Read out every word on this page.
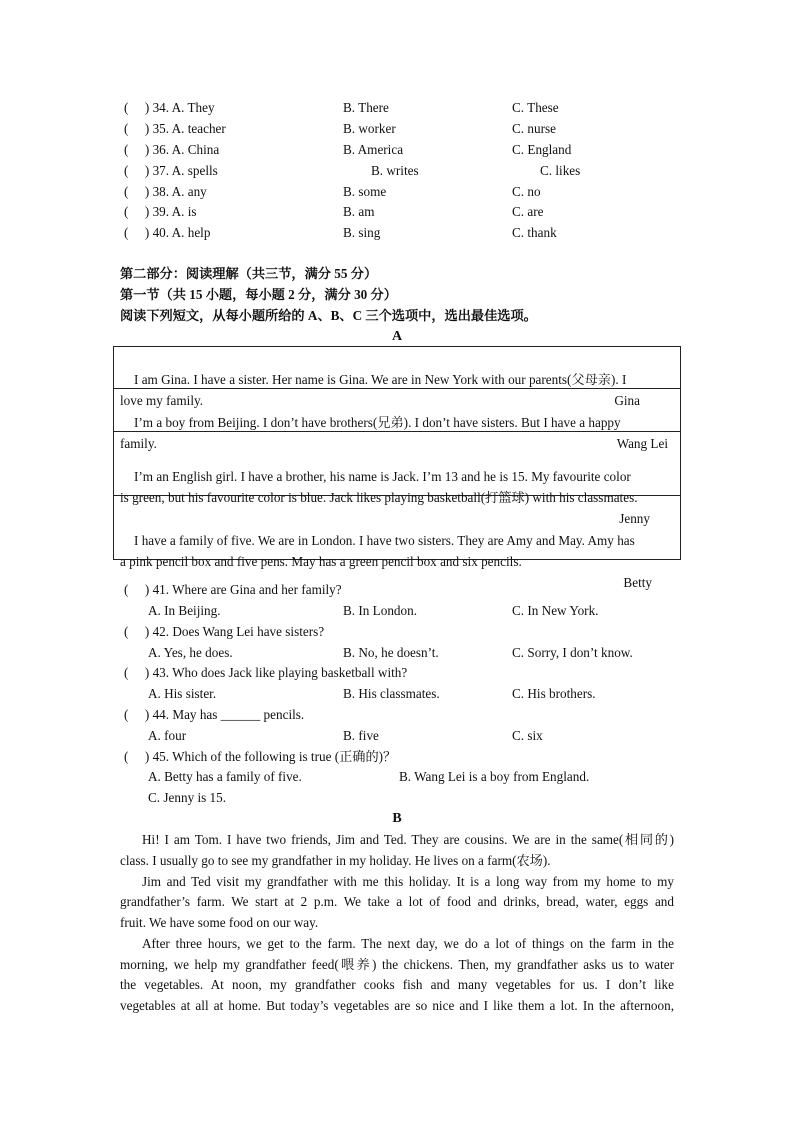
(　 ) 34. A. They	B. There	C. These
(　 ) 35. A. teacher	B. worker	C. nurse
(　 ) 36. A. China	B. America	C. England
(　 ) 37. A. spells	B. writes	C. likes
(　 ) 38. A. any	B. some	C. no
(　 ) 39. A. is	B. am	C. are
(　 ) 40. A. help	B. sing	C. thank
第二部分：阅读理解（共三节，满分 55 分）
第一节（共 15 小题，每小题 2 分，满分 30 分）
阅读下列短文，从每小题所给的 A、B、C 三个选项中，选出最佳选项。
A
I am Gina. I have a sister. Her name is Gina. We are in New York with our parents(父母亲). I
love my family.	Gina

I’m a boy from Beijing. I don’t have brothers(兄弟). I don’t have sisters. But I have a happy
family.	Wang Lei

I’m an English girl. I have a brother, his name is Jack. I’m 13 and he is 15. My favourite color
is green, but his favourite color is blue. Jack likes playing basketball(打篮球) with his classmates.
Jenny

I have a family of five. We are in London. I have two sisters. They are Amy and May. Amy has
a pink pencil box and five pens. May has a green pencil box and six pencils.
Betty
(　 ) 41. Where are Gina and her family?
A. In Beijing.	B. In London.	C. In New York.
(　 ) 42. Does Wang Lei have sisters?
A. Yes, he does.	B. No, he doesn’t.	C. Sorry, I don’t know.
(　 ) 43. Who does Jack like playing basketball with?
A. His sister.	B. His classmates.	C. His brothers.
(　 ) 44. May has ______ pencils.
A. four	B. five	C. six
(　 ) 45. Which of the following is true (正确的)？
A. Betty has a family of five.	B. Wang Lei is a boy from England.
C. Jenny is 15.
B
Hi! I am Tom. I have two friends, Jim and Ted. They are cousins. We are in the same(相同的)
class. I usually go to see my grandfather in my holiday. He lives on a farm(农场).
Jim and Ted visit my grandfather with me this holiday. It is a long way from my home to my
grandfather’s farm. We start at 2 p.m. We take a lot of food and drinks, bread, water, eggs and
fruit. We have some food on our way.
After three hours, we get to the farm. The next day, we do a lot of things on the farm in the
morning, we help my grandfather feed(喂养) the chickens. Then, my grandfather asks us to water
the vegetables. At noon, my grandfather cooks fish and many vegetables for us. I don’t like
vegetables at all at home. But today’s vegetables are so nice and I like them a lot. In the afternoon,
